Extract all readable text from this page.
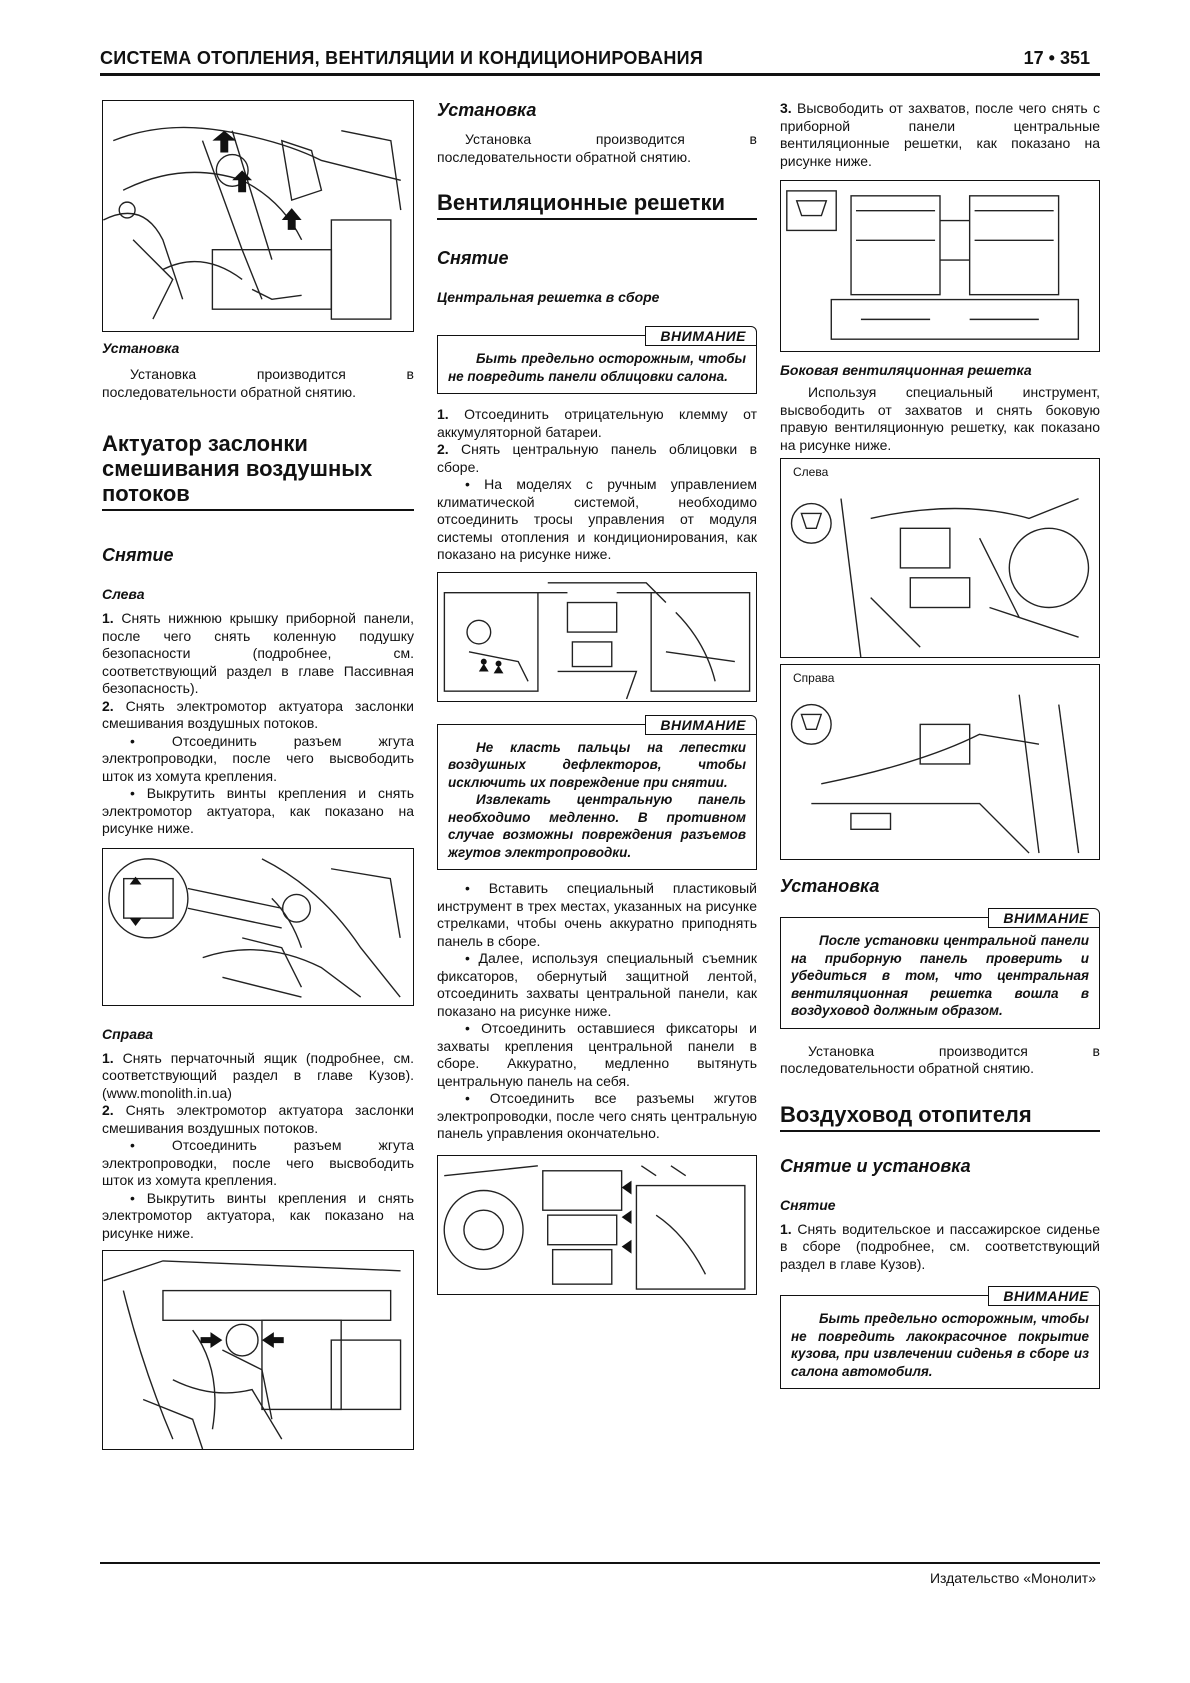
СИСТЕМА ОТОПЛЕНИЯ, ВЕНТИЛЯЦИИ И КОНДИЦИОНИРОВАНИЯ	17 • 351
Установка

Установка производится в последовательности обратной снятию.

Актуатор заслонки смешивания воздушных потоков
Снятие
Слева

1. Снять нижнюю крышку приборной панели, после чего снять коленную подушку безопасности (подробнее, см. соответствующий раздел в главе Пассивная безопасность).

2. Снять электромотор актуатора заслонки смешивания воздушных потоков.

• Отсоединить разъем жгута электропроводки, после чего высвободить шток из хомута крепления.

• Выкрутить винты крепления и снять электромотор актуатора, как показано на рисунке ниже.

Справа

1. Снять перчаточный ящик (подробнее, см. соответствующий раздел в главе Кузов). (www.monolith.in.ua)

2. Снять электромотор актуатора заслонки смешивания воздушных потоков.

• Отсоединить разъем жгута электропроводки, после чего высвободить шток из хомута крепления.

• Выкрутить винты крепления и снять электромотор актуатора, как показано на рисунке ниже.

Установка

Установка производится в последовательности обратной снятию.

Вентиляционные решетки
Снятие
Центральная решетка в сборе
ВНИМАНИЕ

Быть предельно осторожным, чтобы не повредить панели облицовки салона.

1. Отсоединить отрицательную клемму от аккумуляторной батареи.

2. Снять центральную панель облицовки в сборе.

• На моделях с ручным управлением климатической системой, необходимо отсоединить тросы управления от модуля системы отопления и кондиционирования, как показано на рисунке ниже.

ВНИМАНИЕ

Не класть пальцы на лепестки воздушных дефлекторов, чтобы исключить их повреждение при снятии.

Извлекать центральную панель необходимо медленно. В противном случае возможны повреждения разъемов жгутов электропроводки.

• Вставить специальный пластиковый инструмент в трех местах, указанных на рисунке стрелками, чтобы очень аккуратно приподнять панель в сборе.

• Далее, используя специальный съемник фиксаторов, обернутый защитной лентой, отсоединить захваты центральной панели, как показано на рисунке ниже.

• Отсоединить оставшиеся фиксаторы и захваты крепления центральной панели в сборе. Аккуратно, медленно вытянуть центральную панель на себя.

• Отсоединить все разъемы жгутов электропроводки, после чего снять центральную панель управления окончательно.

3. Высвободить от захватов, после чего снять с приборной панели центральные вентиляционные решетки, как показано на рисунке ниже.

Боковая вентиляционная решетка

Используя специальный инструмент, высвободить от захватов и снять боковую правую вентиляционную решетку, как показано на рисунке ниже.

Слева
Справа
Установка
ВНИМАНИЕ

После установки центральной панели на приборную панель проверить и убедиться в том, что центральная вентиляционная решетка вошла в воздуховод должным образом.

Установка производится в последовательности обратной снятию.

Воздуховод отопителя
Снятие и установка
Снятие

1. Снять водительское и пассажирское сиденье в сборе (подробнее, см. соответствующий раздел в главе Кузов).

ВНИМАНИЕ

Быть предельно осторожным, чтобы не повредить лакокрасочное покрытие кузова, при извлечении сиденья в сборе из салона автомобиля.

Издательство «Монолит»
